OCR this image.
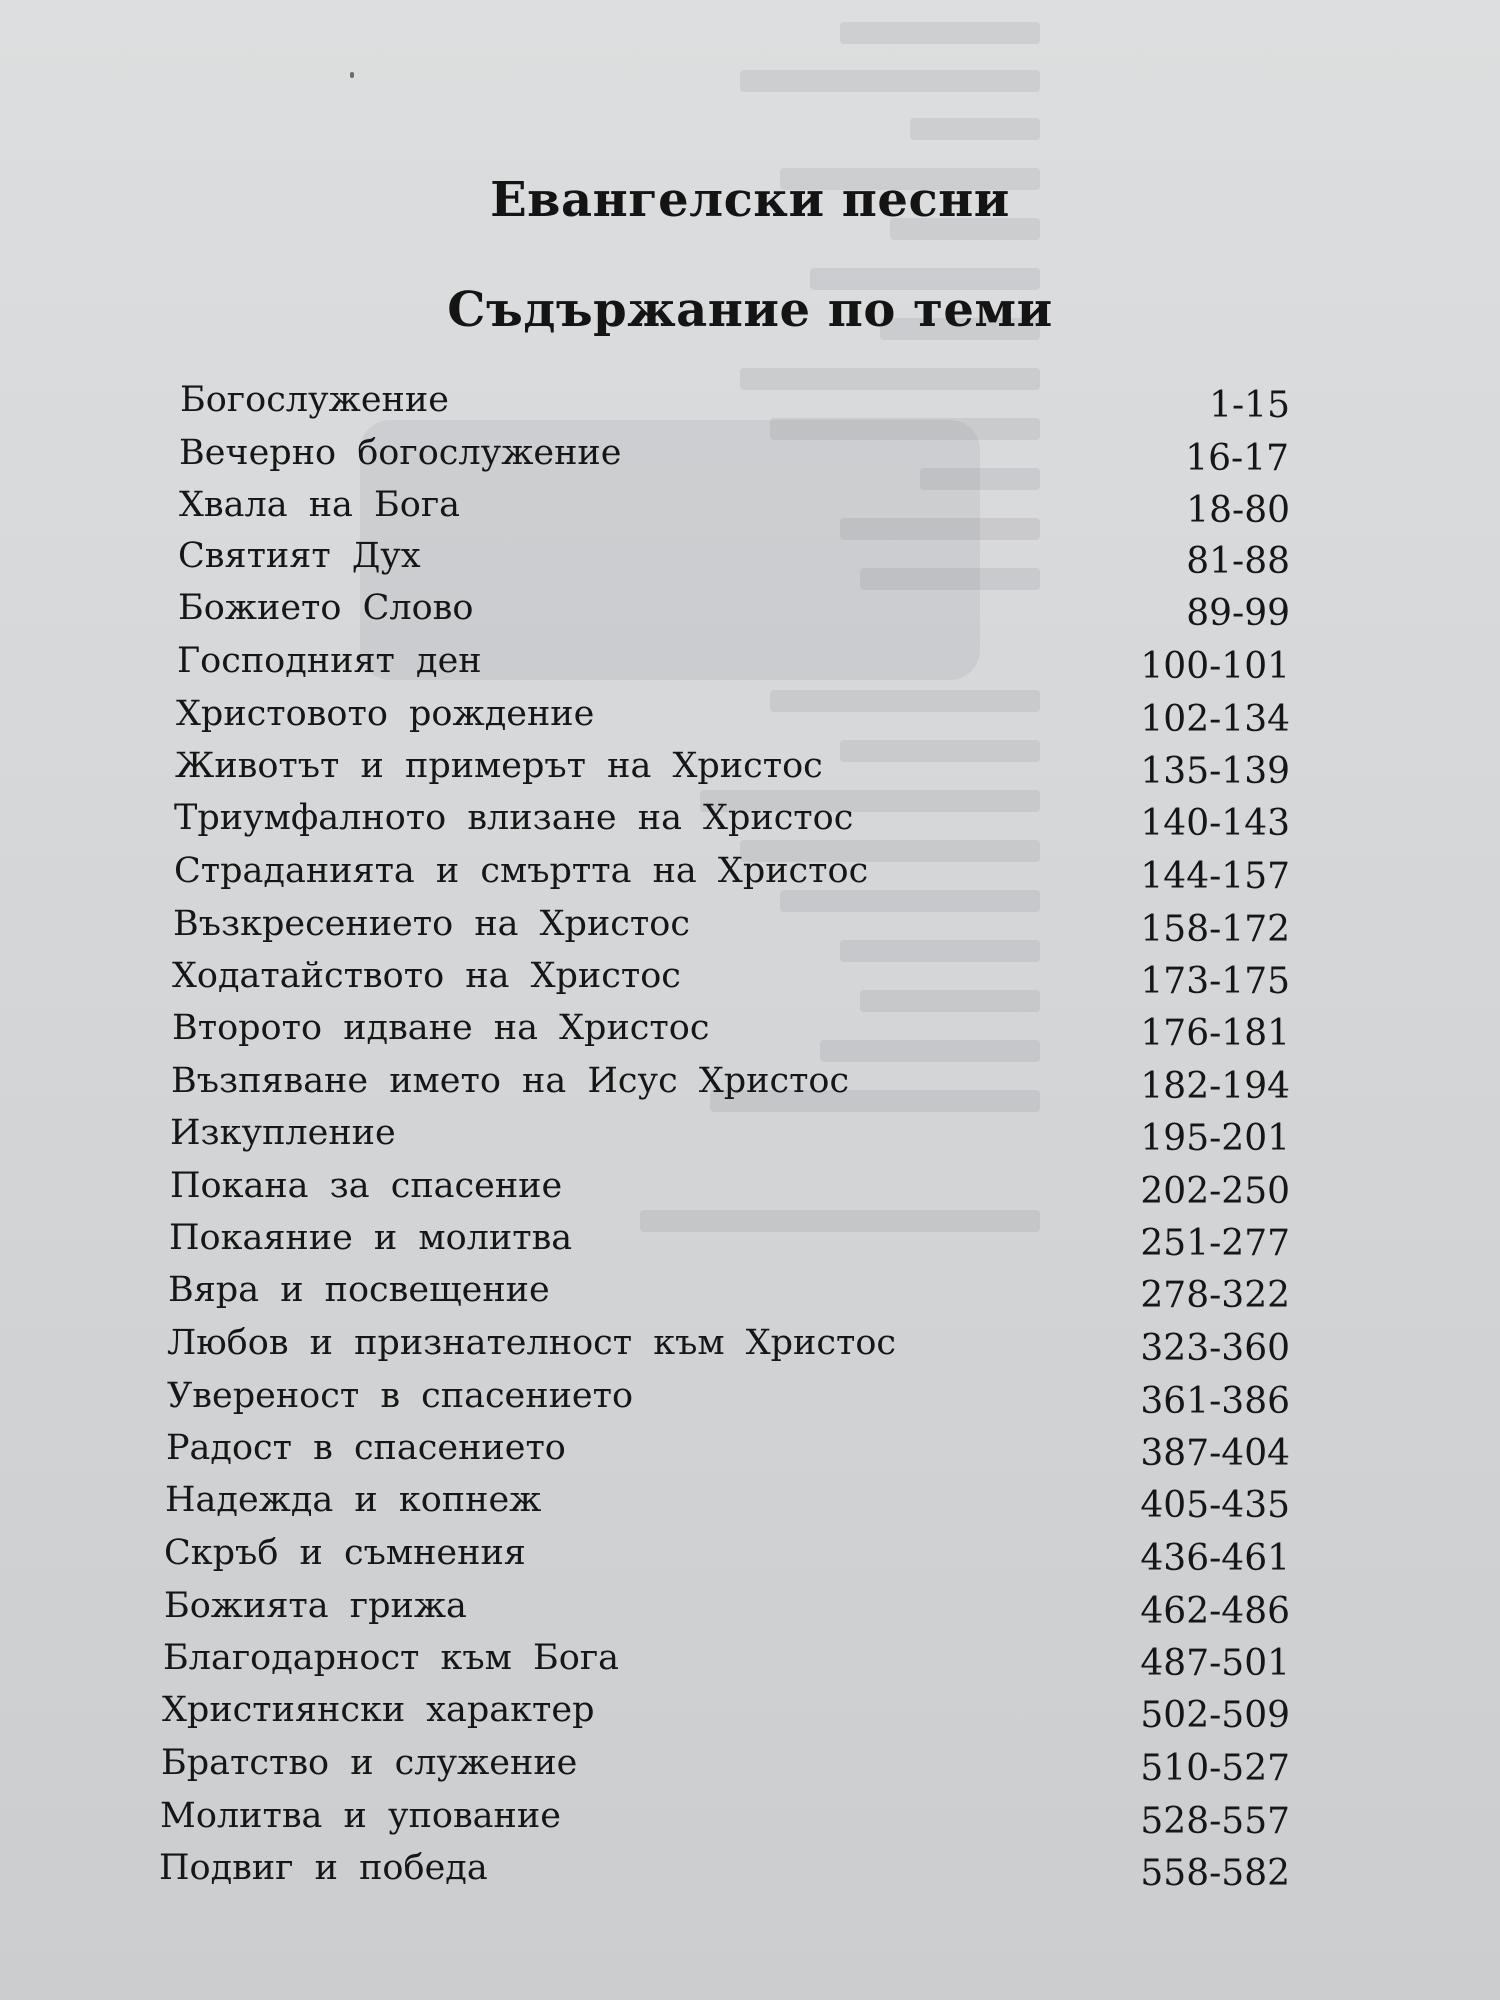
Евангелски песни
Съдържание по теми
Богослужение	1-15
Вечерно богослужение	16-17
Хвала на Бога	18-80
Святият Дух	81-88
Божието Слово	89-99
Господният ден	100-101
Христовото рождение	102-134
Животът и примерът на Христос	135-139
Триумфалното влизане на Христос	140-143
Страданията и смъртта на Христос	144-157
Възкресението на Христос	158-172
Ходатайството на Христос	173-175
Второто идване на Христос	176-181
Възпяване името на Исус Христос	182-194
Изкупление	195-201
Покана за спасение	202-250
Покаяние и молитва	251-277
Вяра и посвещение	278-322
Любов и признателност към Христос	323-360
Увереност в спасението	361-386
Радост в спасението	387-404
Надежда и копнеж	405-435
Скръб и съмнения	436-461
Божията грижа	462-486
Благодарност към Бога	487-501
Християнски характер	502-509
Братство и служение	510-527
Молитва и упование	528-557
Подвиг и победа	558-582
